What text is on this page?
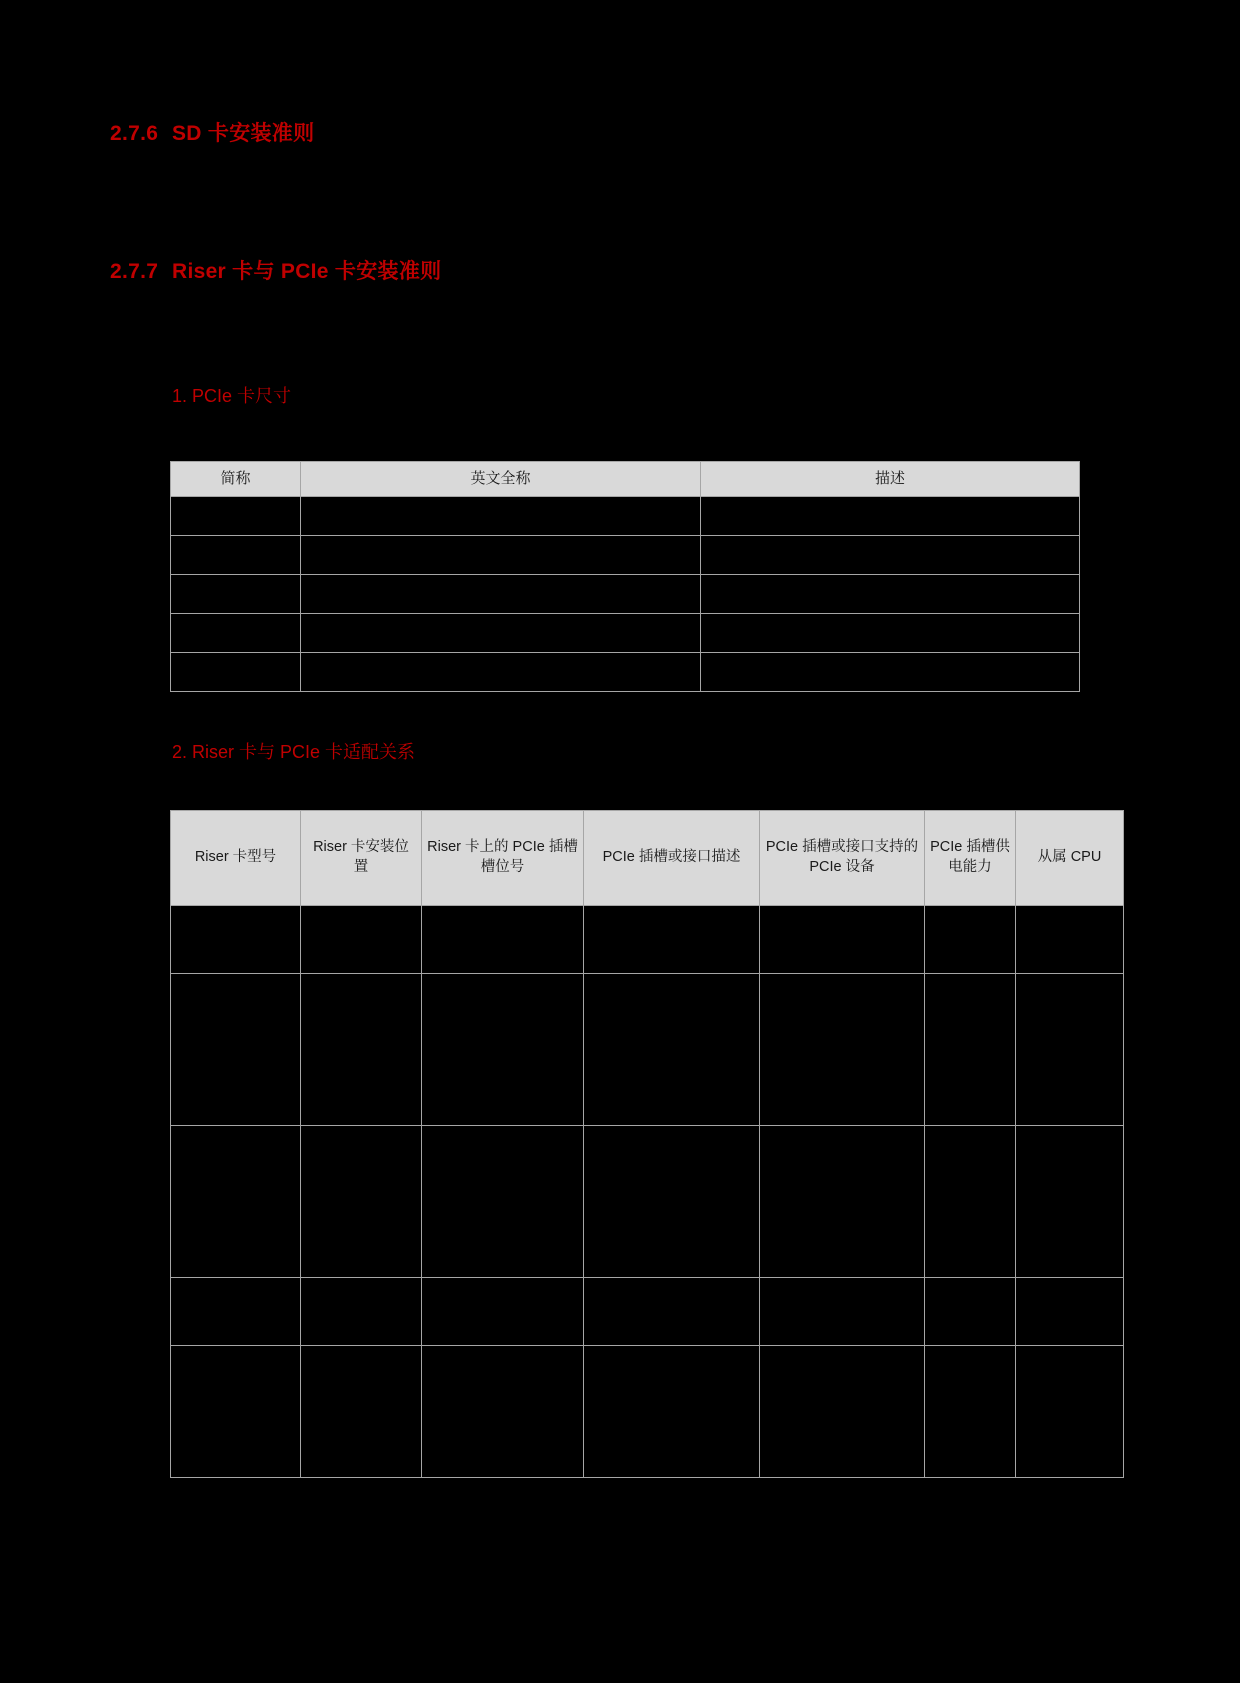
2.7.6 SD 卡安装准则
2.7.7 Riser 卡与 PCIe 卡安装准则
1. PCIe 卡尺寸
简称	英文全称	描述

2. Riser 卡与 PCIe 卡适配关系
Riser 卡型号	Riser 卡安装位置	Riser 卡上的 PCIe 插槽槽位号	PCIe 插槽或接口描述	PCIe 插槽或接口支持的PCIe 设备	PCIe 插槽供电能力	从属 CPU
